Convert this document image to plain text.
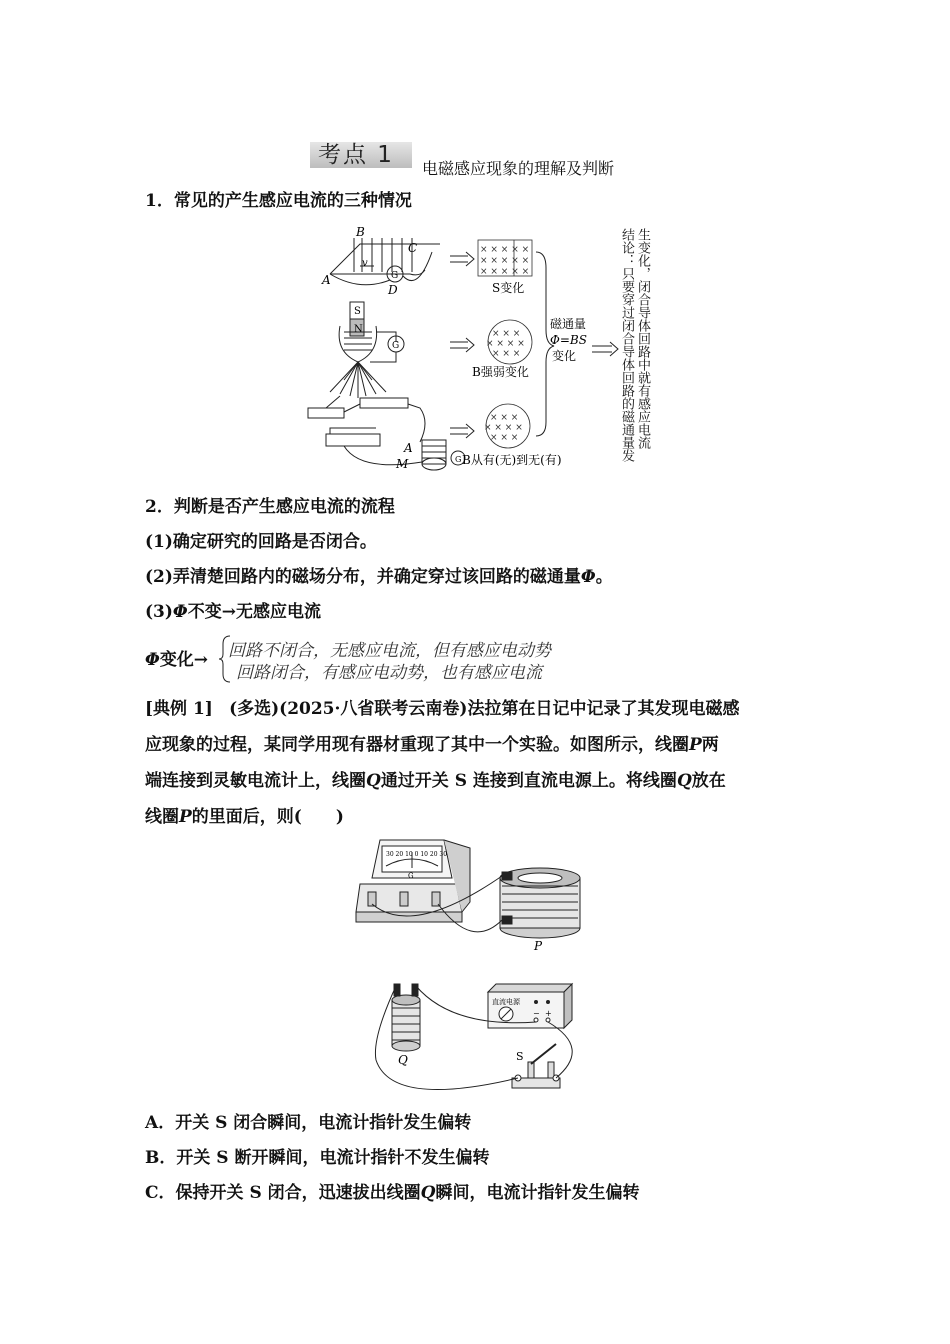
考点 1
电磁感应现象的理解及判断
1．常见的产生感应电流的三种情况
B
C
A
D
v
G
S
N
G
A
M	G
× × × × ×
× × × × ×
× × × × ×
S变化
× × ×
× × × ×
× × ×
B强弱变化
× × ×
× × × ×
× × ×
B从有(无)到无(有)
磁通量
Φ=BS
变化	结论：只要穿过闭合导体回路的磁通量发 生变化，闭合导体回路中就有感应电流
2．判断是否产生感应电流的流程
(1)确定研究的回路是否闭合。
(2)弄清楚回路内的磁场分布，并确定穿过该回路的磁通量Φ。
(3)Φ不变→无感应电流
Φ变化→ 回路不闭合，无感应电流，但有感应电动势
回路闭合，有感应电动势，也有感应电流
[典例 1] (多选)(2025·八省联考云南卷)法拉第在日记中记录了其发现电磁感
应现象的过程，某同学用现有器材重现了其中一个实验。如图所示，线圈P两
端连接到灵敏电流计上，线圈Q通过开关 S 连接到直流电源上。将线圈Q放在
线圈P的里面后，则(　　)
30 20 10 0 10 20 30
G
P
Q
直流电源
− +
S
A．开关 S 闭合瞬间，电流计指针发生偏转
B．开关 S 断开瞬间，电流计指针不发生偏转
C．保持开关 S 闭合，迅速拔出线圈Q瞬间，电流计指针发生偏转
